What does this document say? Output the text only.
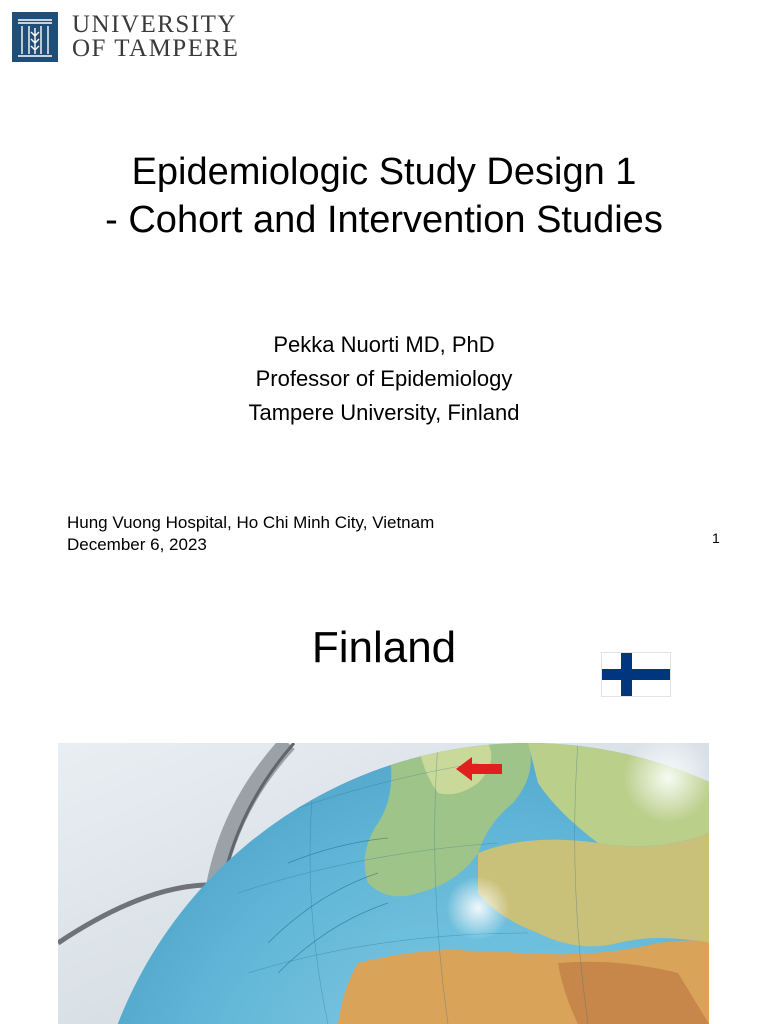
UNIVERSITY
OF TAMPERE
Epidemiologic Study Design 1
- Cohort and Intervention Studies
Pekka Nuorti MD, PhD
Professor of Epidemiology
Tampere University, Finland
Hung Vuong Hospital, Ho Chi Minh City, Vietnam
December 6, 2023	1
Finland
